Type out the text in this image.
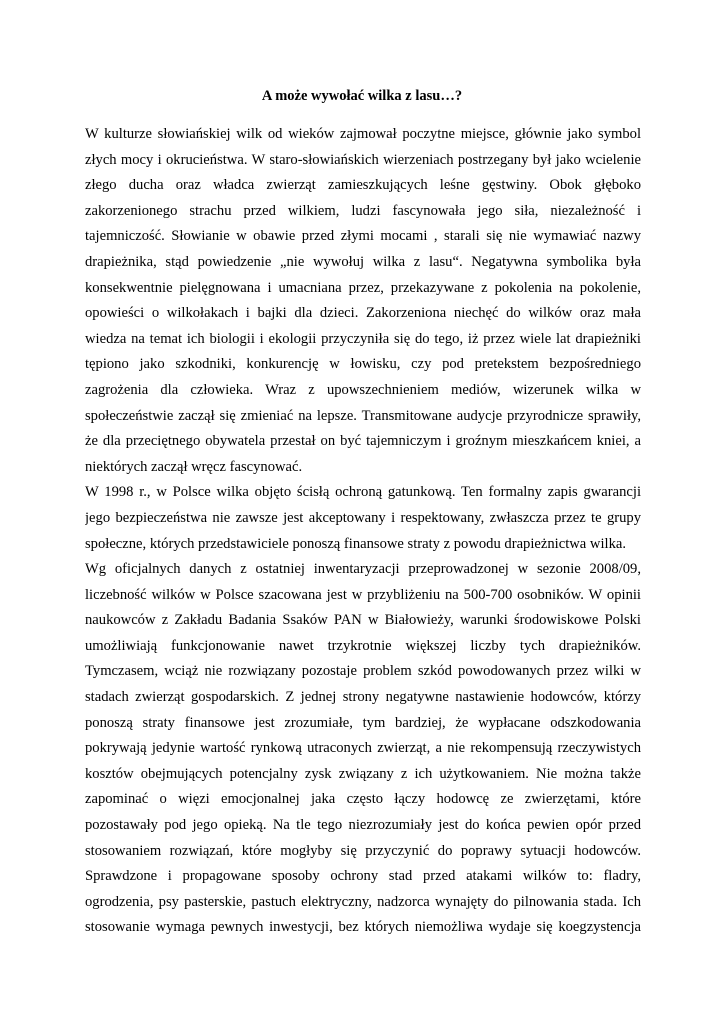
A może wywołać wilka z lasu…?
W kulturze słowiańskiej wilk od wieków zajmował poczytne miejsce, głównie jako symbol
złych mocy i okrucieństwa. W staro-słowiańskich wierzeniach postrzegany był jako wcielenie
złego ducha oraz władca zwierząt zamieszkujących leśne gęstwiny. Obok głęboko
zakorzenionego strachu przed wilkiem, ludzi fascynowała jego siła, niezależność i
tajemniczość. Słowianie w obawie przed złymi mocami , starali się nie wymawiać nazwy
drapieżnika, stąd powiedzenie „nie wywołuj wilka z lasu“. Negatywna symbolika była
konsekwentnie pielęgnowana i umacniana przez, przekazywane z pokolenia na pokolenie,
opowieści o wilkołakach i bajki dla dzieci. Zakorzeniona niechęć do wilków oraz mała
wiedza na temat ich biologii i ekologii przyczyniła się do tego, iż przez wiele lat drapieżniki
tępiono jako szkodniki, konkurencję w łowisku, czy pod pretekstem bezpośredniego
zagrożenia dla człowieka. Wraz z upowszechnieniem mediów, wizerunek wilka w
społeczeństwie zaczął się zmieniać na lepsze. Transmitowane audycje przyrodnicze sprawiły,
że dla przeciętnego obywatela przestał on być tajemniczym i groźnym mieszkańcem kniei, a
niektórych zaczął wręcz fascynować.
W 1998 r., w Polsce wilka objęto ścisłą ochroną gatunkową. Ten formalny zapis gwarancji
jego bezpieczeństwa nie zawsze jest akceptowany i respektowany, zwłaszcza przez te grupy
społeczne, których przedstawiciele ponoszą finansowe straty z powodu drapieżnictwa wilka.
Wg oficjalnych danych z ostatniej inwentaryzacji przeprowadzonej w sezonie 2008/09,
liczebność wilków w Polsce szacowana jest w przybliżeniu na 500-700 osobników. W opinii
naukowców z Zakładu Badania Ssaków PAN w Białowieży, warunki środowiskowe Polski
umożliwiają funkcjonowanie nawet trzykrotnie większej liczby tych drapieżników.
Tymczasem, wciąż nie rozwiązany pozostaje problem szkód powodowanych przez wilki w
stadach zwierząt gospodarskich. Z jednej strony negatywne nastawienie hodowców, którzy
ponoszą straty finansowe jest zrozumiałe, tym bardziej, że wypłacane odszkodowania
pokrywają jedynie wartość rynkową utraconych zwierząt, a nie rekompensują rzeczywistych
kosztów obejmujących potencjalny zysk związany z ich użytkowaniem. Nie można także
zapominać o więzi emocjonalnej jaka często łączy hodowcę ze zwierzętami, które
pozostawały pod jego opieką. Na tle tego niezrozumiały jest do końca pewien opór przed
stosowaniem rozwiązań, które mogłyby się przyczynić do poprawy sytuacji hodowców.
Sprawdzone i propagowane sposoby ochrony stad przed atakami wilków to: fladry,
ogrodzenia, psy pasterskie, pastuch elektryczny, nadzorca wynajęty do pilnowania stada. Ich
stosowanie wymaga pewnych inwestycji, bez których niemożliwa wydaje się koegzystencja
